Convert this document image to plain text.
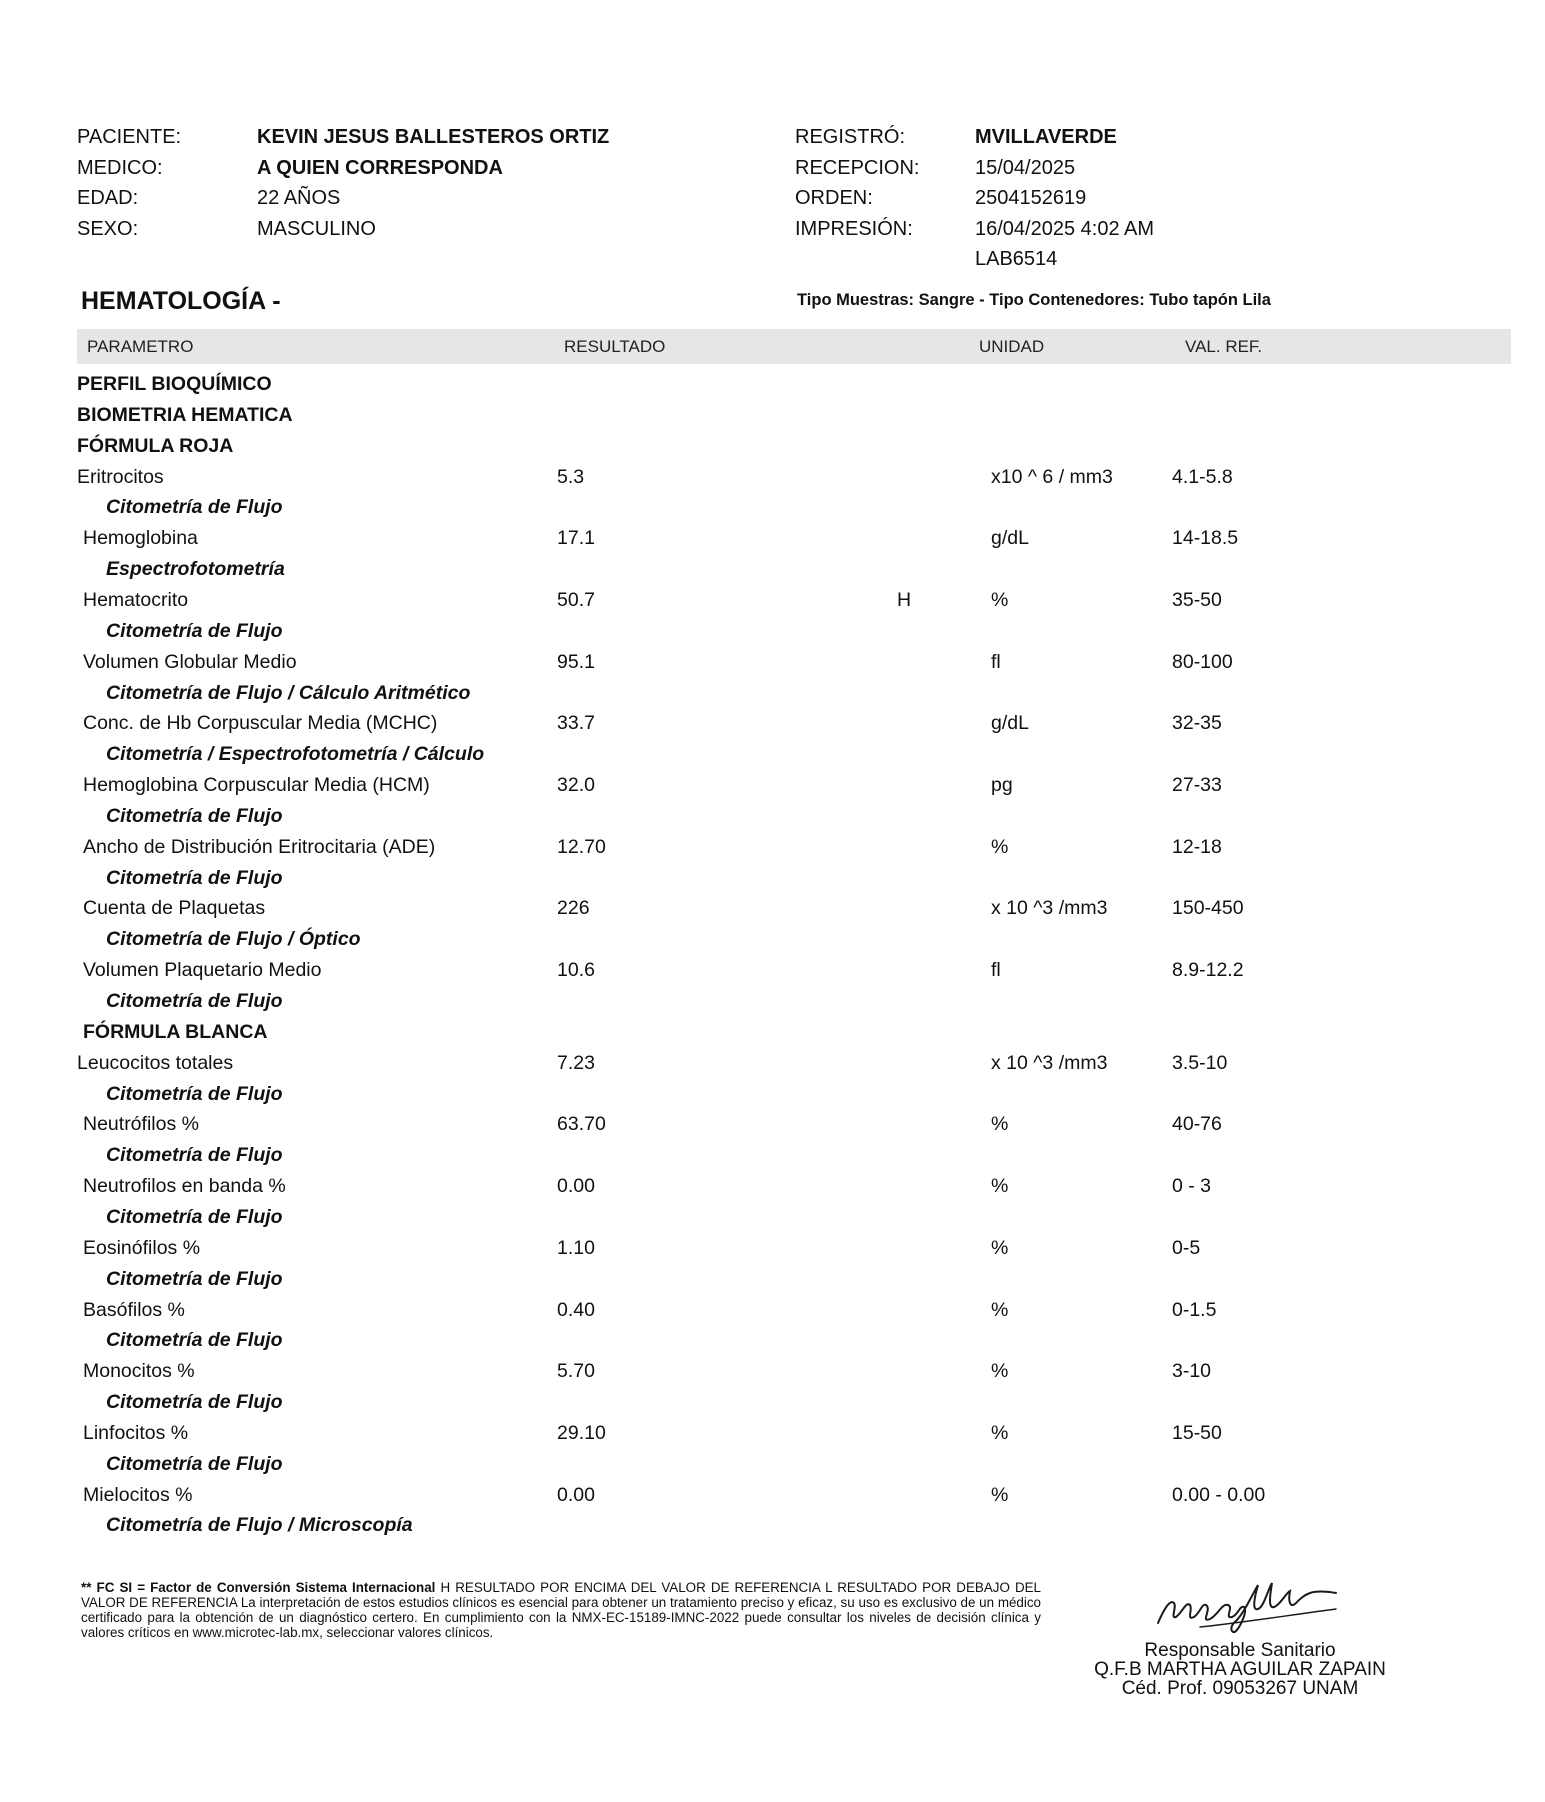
PACIENTE:	KEVIN JESUS BALLESTEROS ORTIZ
MEDICO:	A QUIEN CORRESPONDA
EDAD:	22 AÑOS
SEXO:	MASCULINO
REGISTRÓ:	MVILLAVERDE
RECEPCION:	15/04/2025
ORDEN:	2504152619
IMPRESIÓN:	16/04/2025 4:02 AM
LAB6514
HEMATOLOGÍA -	Tipo Muestras: Sangre - Tipo Contenedores: Tubo tapón Lila
PARAMETRO	RESULTADO	UNIDAD	VAL. REF.
PERFIL BIOQUÍMICO
BIOMETRIA HEMATICA
FÓRMULA ROJA
Eritrocitos	5.3	x10 ^ 6 / mm3	4.1-5.8
Citometría de Flujo
Hemoglobina	17.1	g/dL	14-18.5
Espectrofotometría
Hematocrito	50.7	H	%	35-50
Citometría de Flujo
Volumen Globular Medio	95.1	fl	80-100
Citometría de Flujo / Cálculo Aritmético
Conc. de Hb Corpuscular Media (MCHC)	33.7	g/dL	32-35
Citometría / Espectrofotometría / Cálculo
Hemoglobina Corpuscular Media (HCM)	32.0	pg	27-33
Citometría de Flujo
Ancho de Distribución Eritrocitaria (ADE)	12.70	%	12-18
Citometría de Flujo
Cuenta de Plaquetas	226	x 10 ^3 /mm3	150-450
Citometría de Flujo / Óptico
Volumen Plaquetario Medio	10.6	fl	8.9-12.2
Citometría de Flujo
FÓRMULA BLANCA
Leucocitos totales	7.23	x 10 ^3 /mm3	3.5-10
Citometría de Flujo
Neutrófilos %	63.70	%	40-76
Citometría de Flujo
Neutrofilos en banda %	0.00	%	0 - 3
Citometría de Flujo
Eosinófilos %	1.10	%	0-5
Citometría de Flujo
Basófilos %	0.40	%	0-1.5
Citometría de Flujo
Monocitos %	5.70	%	3-10
Citometría de Flujo
Linfocitos %	29.10	%	15-50
Citometría de Flujo
Mielocitos %	0.00	%	0.00 - 0.00
Citometría de Flujo / Microscopía
** FC SI = Factor de Conversión Sistema Internacional H RESULTADO POR ENCIMA DEL VALOR DE REFERENCIA L RESULTADO POR DEBAJO DEL VALOR DE REFERENCIA La interpretación de estos estudios clínicos es esencial para obtener un tratamiento preciso y eficaz, su uso es exclusivo de un médico certificado para la obtención de un diagnóstico certero. En cumplimiento con la NMX-EC-15189-IMNC-2022 puede consultar los niveles de decisión clínica y valores críticos en www.microtec-lab.mx, seleccionar valores clínicos.
Responsable Sanitario
Q.F.B MARTHA AGUILAR ZAPAIN
Céd. Prof. 09053267 UNAM
